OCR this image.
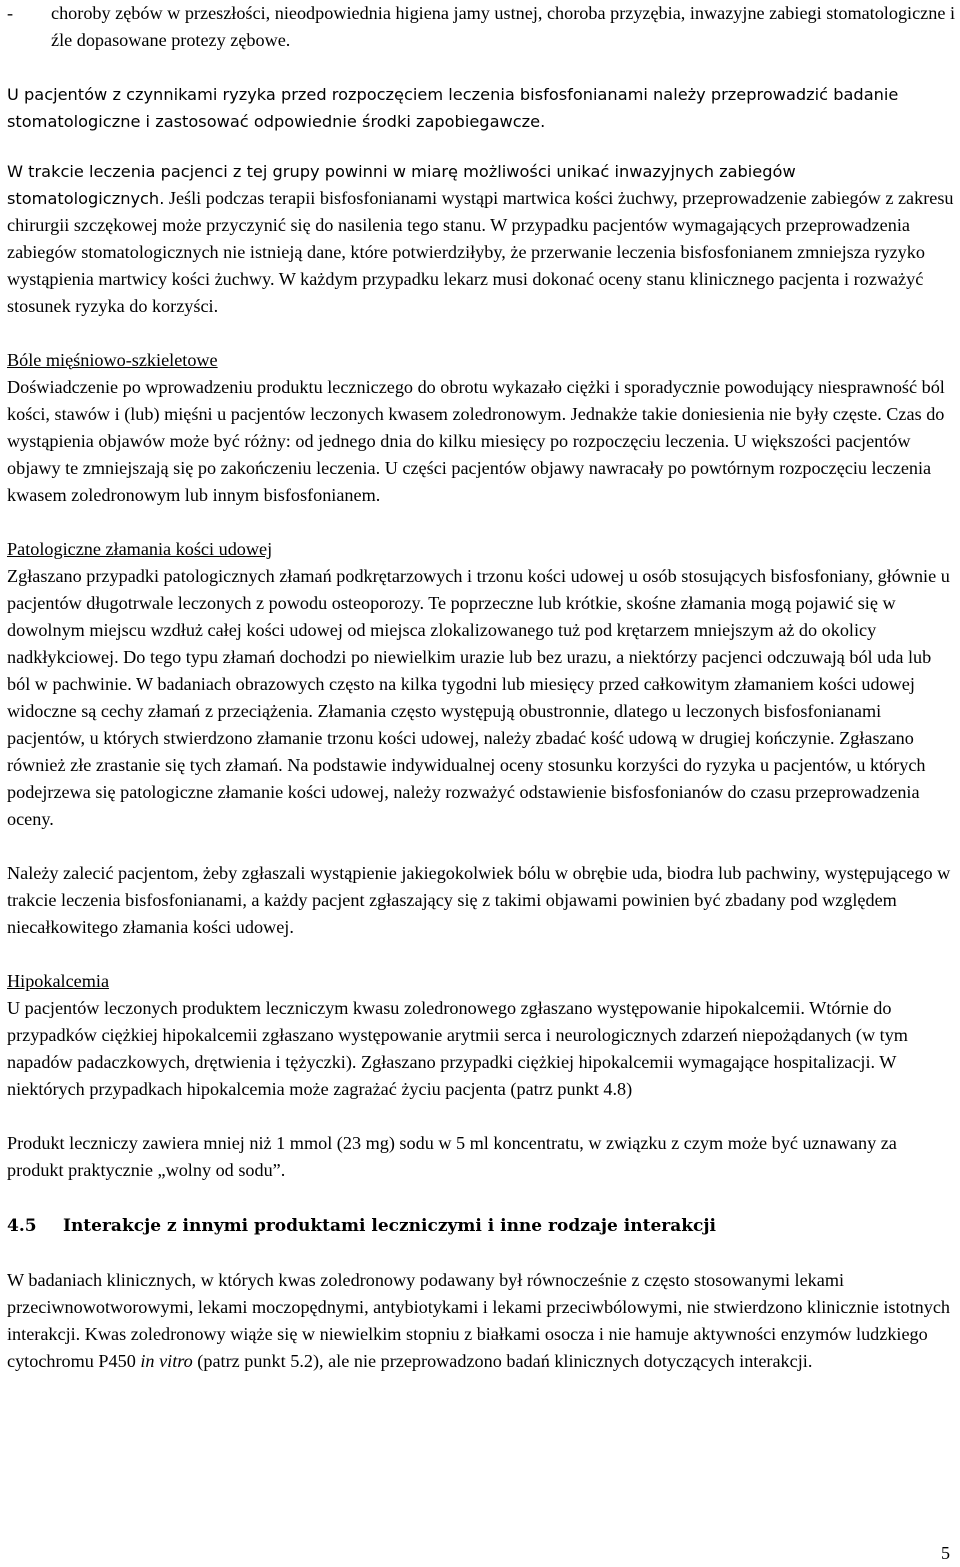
-	choroby zębów w przeszłości, nieodpowiednia higiena jamy ustnej, choroba przyzębia, inwazyjne zabiegi stomatologiczne i źle dopasowane protezy zębowe.

U pacjentów z czynnikami ryzyka przed rozpoczęciem leczenia bisfosfonianami należy przeprowadzić badanie stomatologiczne i zastosować odpowiednie środki zapobiegawcze.

W trakcie leczenia pacjenci z tej grupy powinni w miarę możliwości unikać inwazyjnych zabiegów stomatologicznych. Jeśli podczas terapii bisfosfonianami wystąpi martwica kości żuchwy, przeprowadzenie zabiegów z zakresu chirurgii szczękowej może przyczynić się do nasilenia tego stanu. W przypadku pacjentów wymagających przeprowadzenia zabiegów stomatologicznych nie istnieją dane, które potwierdziłyby, że przerwanie leczenia bisfosfonianem zmniejsza ryzyko wystąpienia martwicy kości żuchwy. W każdym przypadku lekarz musi dokonać oceny stanu klinicznego pacjenta i rozważyć stosunek ryzyka do korzyści.

Bóle mięśniowo-szkieletowe

Doświadczenie po wprowadzeniu produktu leczniczego do obrotu wykazało ciężki i sporadycznie powodujący niesprawność ból kości, stawów i (lub) mięśni u pacjentów leczonych kwasem zoledronowym. Jednakże takie doniesienia nie były częste. Czas do wystąpienia objawów może być różny: od jednego dnia do kilku miesięcy po rozpoczęciu leczenia. U większości pacjentów objawy te zmniejszają się po zakończeniu leczenia. U części pacjentów objawy nawracały po powtórnym rozpoczęciu leczenia kwasem zoledronowym lub innym bisfosfonianem.

Patologiczne złamania kości udowej

Zgłaszano przypadki patologicznych złamań podkrętarzowych i trzonu kości udowej u osób stosujących bisfosfoniany, głównie u pacjentów długotrwale leczonych z powodu osteoporozy. Te poprzeczne lub krótkie, skośne złamania mogą pojawić się w dowolnym miejscu wzdłuż całej kości udowej od miejsca zlokalizowanego tuż pod krętarzem mniejszym aż do okolicy nadkłykciowej. Do tego typu złamań dochodzi po niewielkim urazie lub bez urazu, a niektórzy pacjenci odczuwają ból uda lub ból w pachwinie. W badaniach obrazowych często na kilka tygodni lub miesięcy przed całkowitym złamaniem kości udowej widoczne są cechy złamań z przeciążenia. Złamania często występują obustronnie, dlatego u leczonych bisfosfonianami pacjentów, u których stwierdzono złamanie trzonu kości udowej, należy zbadać kość udową w drugiej kończynie. Zgłaszano również złe zrastanie się tych złamań. Na podstawie indywidualnej oceny stosunku korzyści do ryzyka u pacjentów, u których podejrzewa się patologiczne złamanie kości udowej, należy rozważyć odstawienie bisfosfonianów do czasu przeprowadzenia oceny.

Należy zalecić pacjentom, żeby zgłaszali wystąpienie jakiegokolwiek bólu w obrębie uda, biodra lub pachwiny, występującego w trakcie leczenia bisfosfonianami, a każdy pacjent zgłaszający się z takimi objawami powinien być zbadany pod względem niecałkowitego złamania kości udowej.

Hipokalcemia

U pacjentów leczonych produktem leczniczym kwasu zoledronowego zgłaszano występowanie hipokalcemii. Wtórnie do przypadków ciężkiej hipokalcemii zgłaszano występowanie arytmii serca i neurologicznych zdarzeń niepożądanych (w tym napadów padaczkowych, drętwienia i tężyczki). Zgłaszano przypadki ciężkiej hipokalcemii wymagające hospitalizacji. W niektórych przypadkach hipokalcemia może zagrażać życiu pacjenta (patrz punkt 4.8)

Produkt leczniczy zawiera mniej niż 1 mmol (23 mg) sodu w 5 ml koncentratu, w związku z czym może być uznawany za produkt praktycznie „wolny od sodu”.

4.5	Interakcje z innymi produktami leczniczymi i inne rodzaje interakcji

W badaniach klinicznych, w których kwas zoledronowy podawany był równocześnie z często stosowanymi lekami przeciwnowotworowymi, lekami moczopędnymi, antybiotykami i lekami przeciwbólowymi, nie stwierdzono klinicznie istotnych interakcji. Kwas zoledronowy wiąże się w niewielkim stopniu z białkami osocza i nie hamuje aktywności enzymów ludzkiego cytochromu P450 in vitro (patrz punkt 5.2), ale nie przeprowadzono badań klinicznych dotyczących interakcji.

5
